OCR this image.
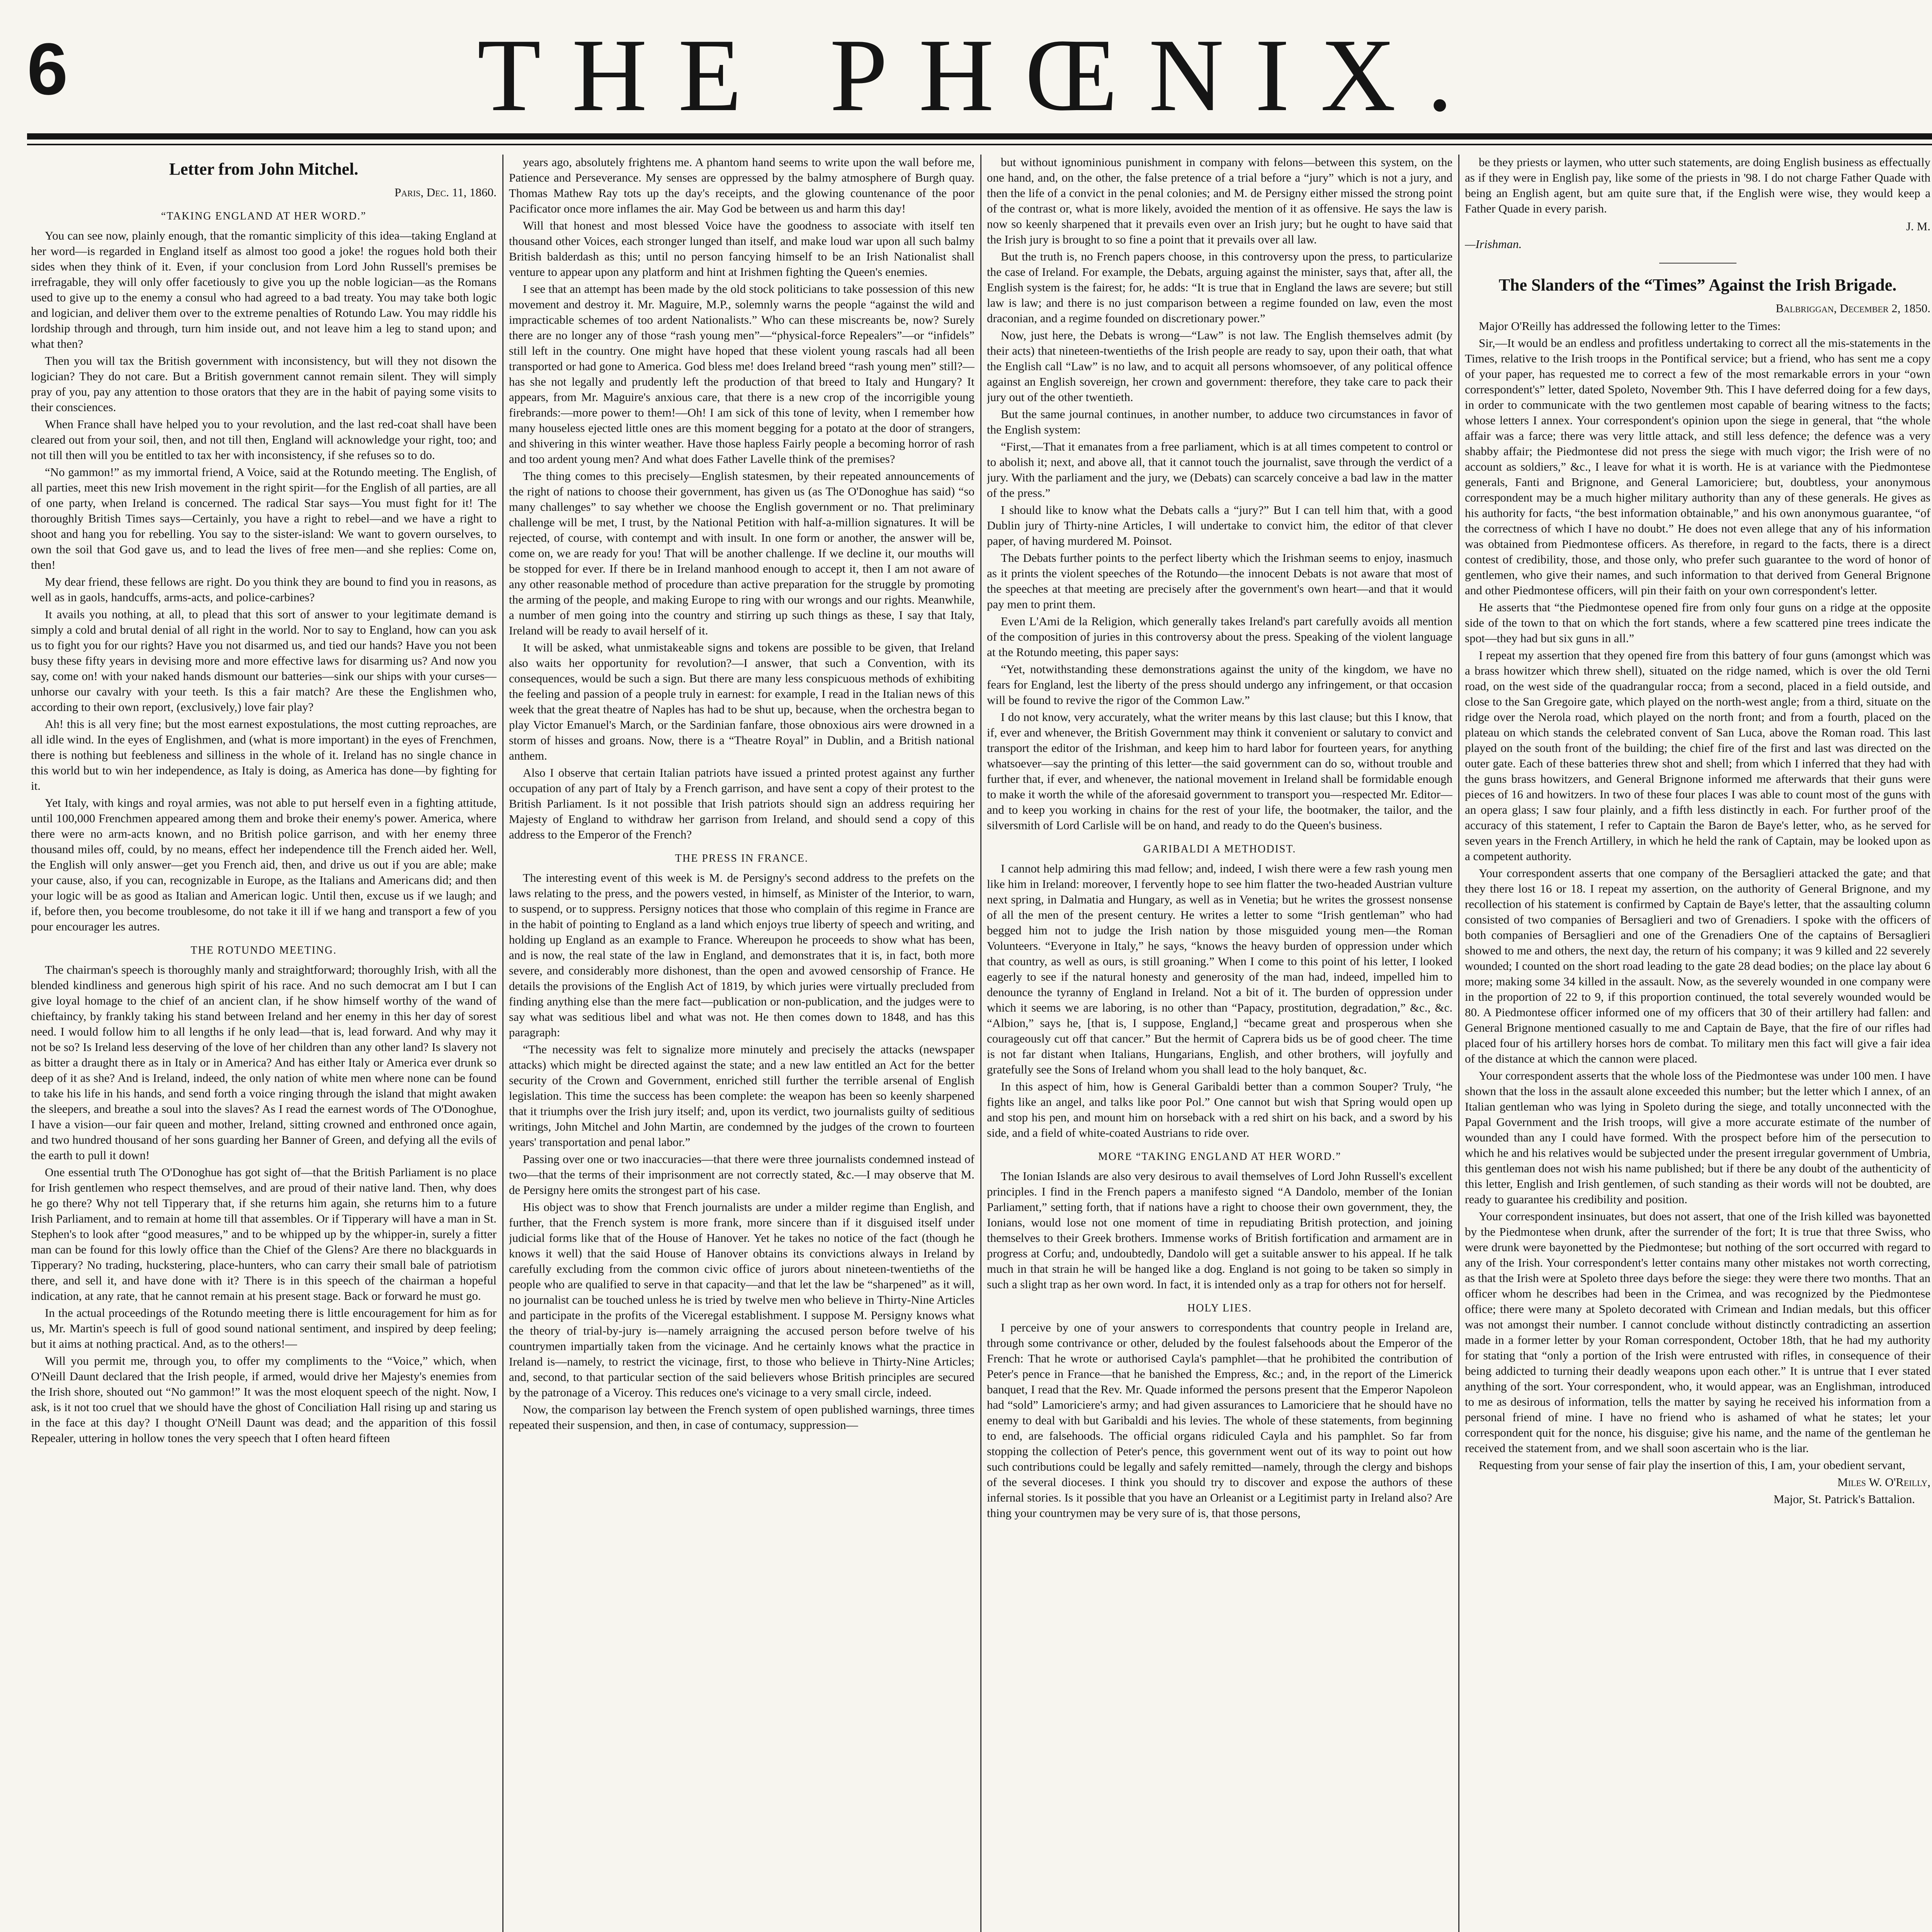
6	THE PHŒNIX.
Letter from John Mitchel.
Paris, Dec. 11, 1860.
“TAKING ENGLAND AT HER WORD.”

You can see now, plainly enough, that the romantic simplicity of this idea—taking England at her word—is regarded in England itself as almost too good a joke! the rogues hold both their sides when they think of it. Even, if your conclusion from Lord John Russell's premises be irrefragable, they will only offer facetiously to give you up the noble logician—as the Romans used to give up to the enemy a consul who had agreed to a bad treaty. You may take both logic and logician, and deliver them over to the extreme penalties of Rotundo Law. You may riddle his lordship through and through, turn him inside out, and not leave him a leg to stand upon; and what then?

Then you will tax the British government with inconsistency, but will they not disown the logician? They do not care. But a British government cannot remain silent. They will simply pray of you, pay any attention to those orators that they are in the habit of paying some visits to their consciences.

When France shall have helped you to your revolution, and the last red-coat shall have been cleared out from your soil, then, and not till then, England will acknowledge your right, too; and not till then will you be entitled to tax her with inconsistency, if she refuses so to do.

“No gammon!” as my immortal friend, A Voice, said at the Rotundo meeting. The English, of all parties, meet this new Irish movement in the right spirit—for the English of all parties, are all of one party, when Ireland is concerned. The radical Star says—You must fight for it! The thoroughly British Times says—Certainly, you have a right to rebel—and we have a right to shoot and hang you for rebelling. You say to the sister-island: We want to govern ourselves, to own the soil that God gave us, and to lead the lives of free men—and she replies: Come on, then!

My dear friend, these fellows are right. Do you think they are bound to find you in reasons, as well as in gaols, handcuffs, arms-acts, and police-carbines?

It avails you nothing, at all, to plead that this sort of answer to your legitimate demand is simply a cold and brutal denial of all right in the world. Nor to say to England, how can you ask us to fight you for our rights? Have you not disarmed us, and tied our hands? Have you not been busy these fifty years in devising more and more effective laws for disarming us? And now you say, come on! with your naked hands dismount our batteries—sink our ships with your curses—unhorse our cavalry with your teeth. Is this a fair match? Are these the Englishmen who, according to their own report, (exclusively,) love fair play?

Ah! this is all very fine; but the most earnest expostulations, the most cutting reproaches, are all idle wind. In the eyes of Englishmen, and (what is more important) in the eyes of Frenchmen, there is nothing but feebleness and silliness in the whole of it. Ireland has no single chance in this world but to win her independence, as Italy is doing, as America has done—by fighting for it.

Yet Italy, with kings and royal armies, was not able to put herself even in a fighting attitude, until 100,000 Frenchmen appeared among them and broke their enemy's power. America, where there were no arm-acts known, and no British police garrison, and with her enemy three thousand miles off, could, by no means, effect her independence till the French aided her. Well, the English will only answer—get you French aid, then, and drive us out if you are able; make your cause, also, if you can, recognizable in Europe, as the Italians and Americans did; and then your logic will be as good as Italian and American logic. Until then, excuse us if we laugh; and if, before then, you become troublesome, do not take it ill if we hang and transport a few of you pour encourager les autres.

THE ROTUNDO MEETING.

The chairman's speech is thoroughly manly and straightforward; thoroughly Irish, with all the blended kindliness and generous high spirit of his race. And no such democrat am I but I can give loyal homage to the chief of an ancient clan, if he show himself worthy of the wand of chieftaincy, by frankly taking his stand between Ireland and her enemy in this her day of sorest need. I would follow him to all lengths if he only lead—that is, lead forward. And why may it not be so? Is Ireland less deserving of the love of her children than any other land? Is slavery not as bitter a draught there as in Italy or in America? And has either Italy or America ever drunk so deep of it as she? And is Ireland, indeed, the only nation of white men where none can be found to take his life in his hands, and send forth a voice ringing through the island that might awaken the sleepers, and breathe a soul into the slaves? As I read the earnest words of The O'Donoghue, I have a vision—our fair queen and mother, Ireland, sitting crowned and enthroned once again, and two hundred thousand of her sons guarding her Banner of Green, and defying all the evils of the earth to pull it down!

One essential truth The O'Donoghue has got sight of—that the British Parliament is no place for Irish gentlemen who respect themselves, and are proud of their native land. Then, why does he go there? Why not tell Tipperary that, if she returns him again, she returns him to a future Irish Parliament, and to remain at home till that assembles. Or if Tipperary will have a man in St. Stephen's to look after “good measures,” and to be whipped up by the whipper-in, surely a fitter man can be found for this lowly office than the Chief of the Glens? Are there no blackguards in Tipperary? No trading, huckstering, place-hunters, who can carry their small bale of patriotism there, and sell it, and have done with it? There is in this speech of the chairman a hopeful indication, at any rate, that he cannot remain at his present stage. Back or forward he must go.

In the actual proceedings of the Rotundo meeting there is little encouragement for him as for us, Mr. Martin's speech is full of good sound national sentiment, and inspired by deep feeling; but it aims at nothing practical. And, as to the others!—

Will you permit me, through you, to offer my compliments to the “Voice,” which, when O'Neill Daunt declared that the Irish people, if armed, would drive her Majesty's enemies from the Irish shore, shouted out “No gammon!” It was the most eloquent speech of the night. Now, I ask, is it not too cruel that we should have the ghost of Conciliation Hall rising up and staring us in the face at this day? I thought O'Neill Daunt was dead; and the apparition of this fossil Repealer, uttering in hollow tones the very speech that I often heard fifteen

years ago, absolutely frightens me. A phantom hand seems to write upon the wall before me, Patience and Perseverance. My senses are oppressed by the balmy atmosphere of Burgh quay. Thomas Mathew Ray tots up the day's receipts, and the glowing countenance of the poor Pacificator once more inflames the air. May God be between us and harm this day!

Will that honest and most blessed Voice have the goodness to associate with itself ten thousand other Voices, each stronger lunged than itself, and make loud war upon all such balmy British balderdash as this; until no person fancying himself to be an Irish Nationalist shall venture to appear upon any platform and hint at Irishmen fighting the Queen's enemies.

I see that an attempt has been made by the old stock politicians to take possession of this new movement and destroy it. Mr. Maguire, M.P., solemnly warns the people “against the wild and impracticable schemes of too ardent Nationalists.” Who can these miscreants be, now? Surely there are no longer any of those “rash young men”—“physical-force Repealers”—or “infidels” still left in the country. One might have hoped that these violent young rascals had all been transported or had gone to America. God bless me! does Ireland breed “rash young men” still?—has she not legally and prudently left the production of that breed to Italy and Hungary? It appears, from Mr. Maguire's anxious care, that there is a new crop of the incorrigible young firebrands:—more power to them!—Oh! I am sick of this tone of levity, when I remember how many houseless ejected little ones are this moment begging for a potato at the door of strangers, and shivering in this winter weather. Have those hapless Fairly people a becoming horror of rash and too ardent young men? And what does Father Lavelle think of the premises?

The thing comes to this precisely—English statesmen, by their repeated announcements of the right of nations to choose their government, has given us (as The O'Donoghue has said) “so many challenges” to say whether we choose the English government or no. That preliminary challenge will be met, I trust, by the National Petition with half-a-million signatures. It will be rejected, of course, with contempt and with insult. In one form or another, the answer will be, come on, we are ready for you! That will be another challenge. If we decline it, our mouths will be stopped for ever. If there be in Ireland manhood enough to accept it, then I am not aware of any other reasonable method of procedure than active preparation for the struggle by promoting the arming of the people, and making Europe to ring with our wrongs and our rights. Meanwhile, a number of men going into the country and stirring up such things as these, I say that Italy, Ireland will be ready to avail herself of it.

It will be asked, what unmistakeable signs and tokens are possible to be given, that Ireland also waits her opportunity for revolution?—I answer, that such a Convention, with its consequences, would be such a sign. But there are many less conspicuous methods of exhibiting the feeling and passion of a people truly in earnest: for example, I read in the Italian news of this week that the great theatre of Naples has had to be shut up, because, when the orchestra began to play Victor Emanuel's March, or the Sardinian fanfare, those obnoxious airs were drowned in a storm of hisses and groans. Now, there is a “Theatre Royal” in Dublin, and a British national anthem.

Also I observe that certain Italian patriots have issued a printed protest against any further occupation of any part of Italy by a French garrison, and have sent a copy of their protest to the British Parliament. Is it not possible that Irish patriots should sign an address requiring her Majesty of England to withdraw her garrison from Ireland, and should send a copy of this address to the Emperor of the French?

THE PRESS IN FRANCE.

The interesting event of this week is M. de Persigny's second address to the prefets on the laws relating to the press, and the powers vested, in himself, as Minister of the Interior, to warn, to suspend, or to suppress. Persigny notices that those who complain of this regime in France are in the habit of pointing to England as a land which enjoys true liberty of speech and writing, and holding up England as an example to France. Whereupon he proceeds to show what has been, and is now, the real state of the law in England, and demonstrates that it is, in fact, both more severe, and considerably more dishonest, than the open and avowed censorship of France. He details the provisions of the English Act of 1819, by which juries were virtually precluded from finding anything else than the mere fact—publication or non-publication, and the judges were to say what was seditious libel and what was not. He then comes down to 1848, and has this paragraph:

“The necessity was felt to signalize more minutely and precisely the attacks (newspaper attacks) which might be directed against the state; and a new law entitled an Act for the better security of the Crown and Government, enriched still further the terrible arsenal of English legislation. This time the success has been complete: the weapon has been so keenly sharpened that it triumphs over the Irish jury itself; and, upon its verdict, two journalists guilty of seditious writings, John Mitchel and John Martin, are condemned by the judges of the crown to fourteen years' transportation and penal labor.”

Passing over one or two inaccuracies—that there were three journalists condemned instead of two—that the terms of their imprisonment are not correctly stated, &c.—I may observe that M. de Persigny here omits the strongest part of his case.

His object was to show that French journalists are under a milder regime than English, and further, that the French system is more frank, more sincere than if it disguised itself under judicial forms like that of the House of Hanover. Yet he takes no notice of the fact (though he knows it well) that the said House of Hanover obtains its convictions always in Ireland by carefully excluding from the common civic office of jurors about nineteen-twentieths of the people who are qualified to serve in that capacity—and that let the law be “sharpened” as it will, no journalist can be touched unless he is tried by twelve men who believe in Thirty-Nine Articles and participate in the profits of the Viceregal establishment. I suppose M. Persigny knows what the theory of trial-by-jury is—namely arraigning the accused person before twelve of his countrymen impartially taken from the vicinage. And he certainly knows what the practice in Ireland is—namely, to restrict the vicinage, first, to those who believe in Thirty-Nine Articles; and, second, to that particular section of the said believers whose British principles are secured by the patronage of a Viceroy. This reduces one's vicinage to a very small circle, indeed.

Now, the comparison lay between the French system of open published warnings, three times repeated their suspension, and then, in case of contumacy, suppression—

but without ignominious punishment in company with felons—between this system, on the one hand, and, on the other, the false pretence of a trial before a “jury” which is not a jury, and then the life of a convict in the penal colonies; and M. de Persigny either missed the strong point of the contrast or, what is more likely, avoided the mention of it as offensive. He says the law is now so keenly sharpened that it prevails even over an Irish jury; but he ought to have said that the Irish jury is brought to so fine a point that it prevails over all law.

But the truth is, no French papers choose, in this controversy upon the press, to particularize the case of Ireland. For example, the Debats, arguing against the minister, says that, after all, the English system is the fairest; for, he adds: “It is true that in England the laws are severe; but still law is law; and there is no just comparison between a regime founded on law, even the most draconian, and a regime founded on discretionary power.”

Now, just here, the Debats is wrong—“Law” is not law. The English themselves admit (by their acts) that nineteen-twentieths of the Irish people are ready to say, upon their oath, that what the English call “Law” is no law, and to acquit all persons whomsoever, of any political offence against an English sovereign, her crown and government: therefore, they take care to pack their jury out of the other twentieth.

But the same journal continues, in another number, to adduce two circumstances in favor of the English system:

“First,—That it emanates from a free parliament, which is at all times competent to control or to abolish it; next, and above all, that it cannot touch the journalist, save through the verdict of a jury. With the parliament and the jury, we (Debats) can scarcely conceive a bad law in the matter of the press.”

I should like to know what the Debats calls a “jury?” But I can tell him that, with a good Dublin jury of Thirty-nine Articles, I will undertake to convict him, the editor of that clever paper, of having murdered M. Poinsot.

The Debats further points to the perfect liberty which the Irishman seems to enjoy, inasmuch as it prints the violent speeches of the Rotundo—the innocent Debats is not aware that most of the speeches at that meeting are precisely after the government's own heart—and that it would pay men to print them.

Even L'Ami de la Religion, which generally takes Ireland's part carefully avoids all mention of the composition of juries in this controversy about the press. Speaking of the violent language at the Rotundo meeting, this paper says:

“Yet, notwithstanding these demonstrations against the unity of the kingdom, we have no fears for England, lest the liberty of the press should undergo any infringement, or that occasion will be found to revive the rigor of the Common Law.”

I do not know, very accurately, what the writer means by this last clause; but this I know, that if, ever and whenever, the British Government may think it convenient or salutary to convict and transport the editor of the Irishman, and keep him to hard labor for fourteen years, for anything whatsoever—say the printing of this letter—the said government can do so, without trouble and further that, if ever, and whenever, the national movement in Ireland shall be formidable enough to make it worth the while of the aforesaid government to transport you—respected Mr. Editor—and to keep you working in chains for the rest of your life, the bootmaker, the tailor, and the silversmith of Lord Carlisle will be on hand, and ready to do the Queen's business.

GARIBALDI A METHODIST.

I cannot help admiring this mad fellow; and, indeed, I wish there were a few rash young men like him in Ireland: moreover, I fervently hope to see him flatter the two-headed Austrian vulture next spring, in Dalmatia and Hungary, as well as in Venetia; but he writes the grossest nonsense of all the men of the present century. He writes a letter to some “Irish gentleman” who had begged him not to judge the Irish nation by those misguided young men—the Roman Volunteers. “Everyone in Italy,” he says, “knows the heavy burden of oppression under which that country, as well as ours, is still groaning.” When I come to this point of his letter, I looked eagerly to see if the natural honesty and generosity of the man had, indeed, impelled him to denounce the tyranny of England in Ireland. Not a bit of it. The burden of oppression under which it seems we are laboring, is no other than “Papacy, prostitution, degradation,” &c., &c. “Albion,” says he, [that is, I suppose, England,] “became great and prosperous when she courageously cut off that cancer.” But the hermit of Caprera bids us be of good cheer. The time is not far distant when Italians, Hungarians, English, and other brothers, will joyfully and gratefully see the Sons of Ireland whom you shall lead to the holy banquet, &c.

In this aspect of him, how is General Garibaldi better than a common Souper? Truly, “he fights like an angel, and talks like poor Pol.” One cannot but wish that Spring would open up and stop his pen, and mount him on horseback with a red shirt on his back, and a sword by his side, and a field of white-coated Austrians to ride over.

MORE “TAKING ENGLAND AT HER WORD.”

The Ionian Islands are also very desirous to avail themselves of Lord John Russell's excellent principles. I find in the French papers a manifesto signed “A Dandolo, member of the Ionian Parliament,” setting forth, that if nations have a right to choose their own government, they, the Ionians, would lose not one moment of time in repudiating British protection, and joining themselves to their Greek brothers. Immense works of British fortification and armament are in progress at Corfu; and, undoubtedly, Dandolo will get a suitable answer to his appeal. If he talk much in that strain he will be hanged like a dog. England is not going to be taken so simply in such a slight trap as her own word. In fact, it is intended only as a trap for others not for herself.

HOLY LIES.

I perceive by one of your answers to correspondents that country people in Ireland are, through some contrivance or other, deluded by the foulest falsehoods about the Emperor of the French: That he wrote or authorised Cayla's pamphlet—that he prohibited the contribution of Peter's pence in France—that he banished the Empress, &c.; and, in the report of the Limerick banquet, I read that the Rev. Mr. Quade informed the persons present that the Emperor Napoleon had “sold” Lamoriciere's army; and had given assurances to Lamoriciere that he should have no enemy to deal with but Garibaldi and his levies. The whole of these statements, from beginning to end, are falsehoods. The official organs ridiculed Cayla and his pamphlet. So far from stopping the collection of Peter's pence, this government went out of its way to point out how such contributions could be legally and safely remitted—namely, through the clergy and bishops of the several dioceses. I think you should try to discover and expose the authors of these infernal stories. Is it possible that you have an Orleanist or a Legitimist party in Ireland also? Are thing your countrymen may be very sure of is, that those persons,

be they priests or laymen, who utter such statements, are doing English business as effectually as if they were in English pay, like some of the priests in '98. I do not charge Father Quade with being an English agent, but am quite sure that, if the English were wise, they would keep a Father Quade in every parish.

J. M.
—Irishman.
The Slanders of the “Times” Against the Irish Brigade.
Balbriggan, December 2, 1850.

Major O'Reilly has addressed the following letter to the Times:

Sir,—It would be an endless and profitless undertaking to correct all the mis-statements in the Times, relative to the Irish troops in the Pontifical service; but a friend, who has sent me a copy of your paper, has requested me to correct a few of the most remarkable errors in your “own correspondent's” letter, dated Spoleto, November 9th. This I have deferred doing for a few days, in order to communicate with the two gentlemen most capable of bearing witness to the facts; whose letters I annex. Your correspondent's opinion upon the siege in general, that “the whole affair was a farce; there was very little attack, and still less defence; the defence was a very shabby affair; the Piedmontese did not press the siege with much vigor; the Irish were of no account as soldiers,” &c., I leave for what it is worth. He is at variance with the Piedmontese generals, Fanti and Brignone, and General Lamoriciere; but, doubtless, your anonymous correspondent may be a much higher military authority than any of these generals. He gives as his authority for facts, “the best information obtainable,” and his own anonymous guarantee, “of the correctness of which I have no doubt.” He does not even allege that any of his information was obtained from Piedmontese officers. As therefore, in regard to the facts, there is a direct contest of credibility, those, and those only, who prefer such guarantee to the word of honor of gentlemen, who give their names, and such information to that derived from General Brignone and other Piedmontese officers, will pin their faith on your own correspondent's letter.

He asserts that “the Piedmontese opened fire from only four guns on a ridge at the opposite side of the town to that on which the fort stands, where a few scattered pine trees indicate the spot—they had but six guns in all.”

I repeat my assertion that they opened fire from this battery of four guns (amongst which was a brass howitzer which threw shell), situated on the ridge named, which is over the old Terni road, on the west side of the quadrangular rocca; from a second, placed in a field outside, and close to the San Gregoire gate, which played on the north-west angle; from a third, situate on the ridge over the Nerola road, which played on the north front; and from a fourth, placed on the plateau on which stands the celebrated convent of San Luca, above the Roman road. This last played on the south front of the building; the chief fire of the first and last was directed on the outer gate. Each of these batteries threw shot and shell; from which I inferred that they had with the guns brass howitzers, and General Brignone informed me afterwards that their guns were pieces of 16 and howitzers. In two of these four places I was able to count most of the guns with an opera glass; I saw four plainly, and a fifth less distinctly in each. For further proof of the accuracy of this statement, I refer to Captain the Baron de Baye's letter, who, as he served for seven years in the French Artillery, in which he held the rank of Captain, may be looked upon as a competent authority.

Your correspondent asserts that one company of the Bersaglieri attacked the gate; and that they there lost 16 or 18. I repeat my assertion, on the authority of General Brignone, and my recollection of his statement is confirmed by Captain de Baye's letter, that the assaulting column consisted of two companies of Bersaglieri and two of Grenadiers. I spoke with the officers of both companies of Bersaglieri and one of the Grenadiers One of the captains of Bersaglieri showed to me and others, the next day, the return of his company; it was 9 killed and 22 severely wounded; I counted on the short road leading to the gate 28 dead bodies; on the place lay about 6 more; making some 34 killed in the assault. Now, as the severely wounded in one company were in the proportion of 22 to 9, if this proportion continued, the total severely wounded would be 80. A Piedmontese officer informed one of my officers that 30 of their artillery had fallen: and General Brignone mentioned casually to me and Captain de Baye, that the fire of our rifles had placed four of his artillery horses hors de combat. To military men this fact will give a fair idea of the distance at which the cannon were placed.

Your correspondent asserts that the whole loss of the Piedmontese was under 100 men. I have shown that the loss in the assault alone exceeded this number; but the letter which I annex, of an Italian gentleman who was lying in Spoleto during the siege, and totally unconnected with the Papal Government and the Irish troops, will give a more accurate estimate of the number of wounded than any I could have formed. With the prospect before him of the persecution to which he and his relatives would be subjected under the present irregular government of Umbria, this gentleman does not wish his name published; but if there be any doubt of the authenticity of this letter, English and Irish gentlemen, of such standing as their words will not be doubted, are ready to guarantee his credibility and position.

Your correspondent insinuates, but does not assert, that one of the Irish killed was bayonetted by the Piedmontese when drunk, after the surrender of the fort; It is true that three Swiss, who were drunk were bayonetted by the Piedmontese; but nothing of the sort occurred with regard to any of the Irish. Your correspondent's letter contains many other mistakes not worth correcting, as that the Irish were at Spoleto three days before the siege: they were there two months. That an officer whom he describes had been in the Crimea, and was recognized by the Piedmontese office; there were many at Spoleto decorated with Crimean and Indian medals, but this officer was not amongst their number. I cannot conclude without distinctly contradicting an assertion made in a former letter by your Roman correspondent, October 18th, that he had my authority for stating that “only a portion of the Irish were entrusted with rifles, in consequence of their being addicted to turning their deadly weapons upon each other.” It is untrue that I ever stated anything of the sort. Your correspondent, who, it would appear, was an Englishman, introduced to me as desirous of information, tells the matter by saying he received his information from a personal friend of mine. I have no friend who is ashamed of what he states; let your correspondent quit for the nonce, his disguise; give his name, and the name of the gentleman he received the statement from, and we shall soon ascertain who is the liar.

Requesting from your sense of fair play the insertion of this, I am, your obedient servant,

Miles W. O'Reilly,
Major, St. Patrick's Battalion.
